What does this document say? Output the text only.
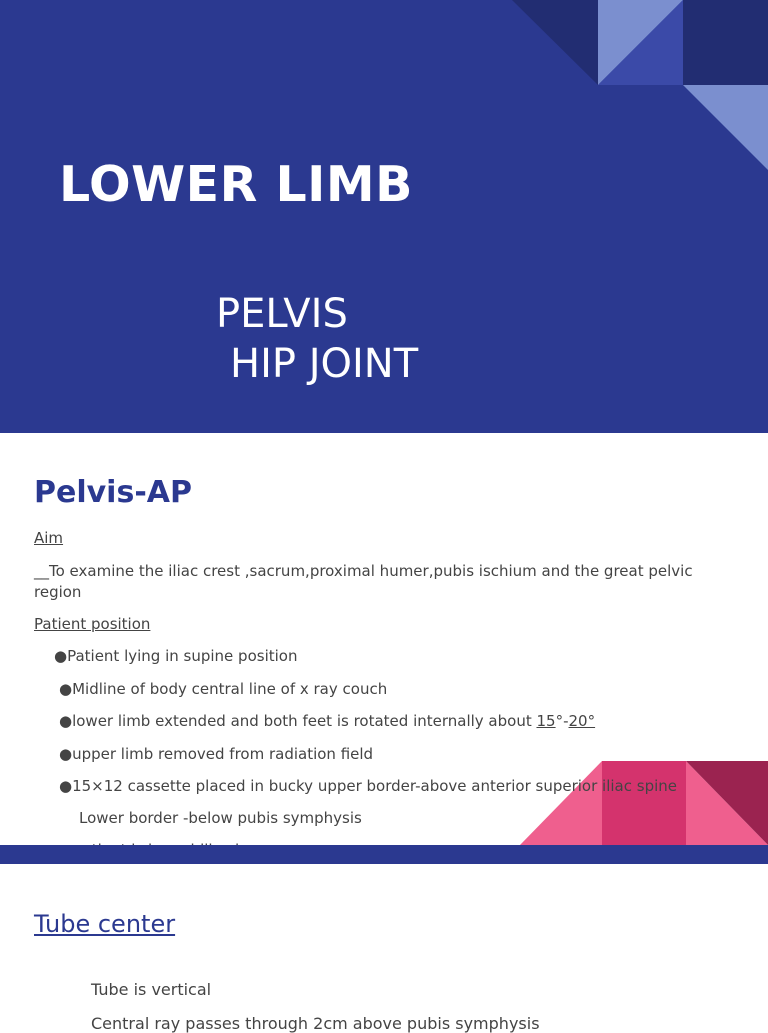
LOWER LIMB
PELVIS
HIP JOINT
Pelvis-AP
Aim
__To examine the iliac crest ,sacrum,proximal humer,pubis ischium and the great pelvic region
Patient position
●Patient lying in supine position
●Midline of body central line of x ray couch
●lower limb extended and both feet is rotated internally about 15°-20°
●upper limb removed from radiation field
●15×12 cassette placed in bucky upper border-above anterior superior iliac spine
Lower border -below pubis symphysis
Tube center
Tube is vertical
Central ray passes through 2cm above pubis symphysis
